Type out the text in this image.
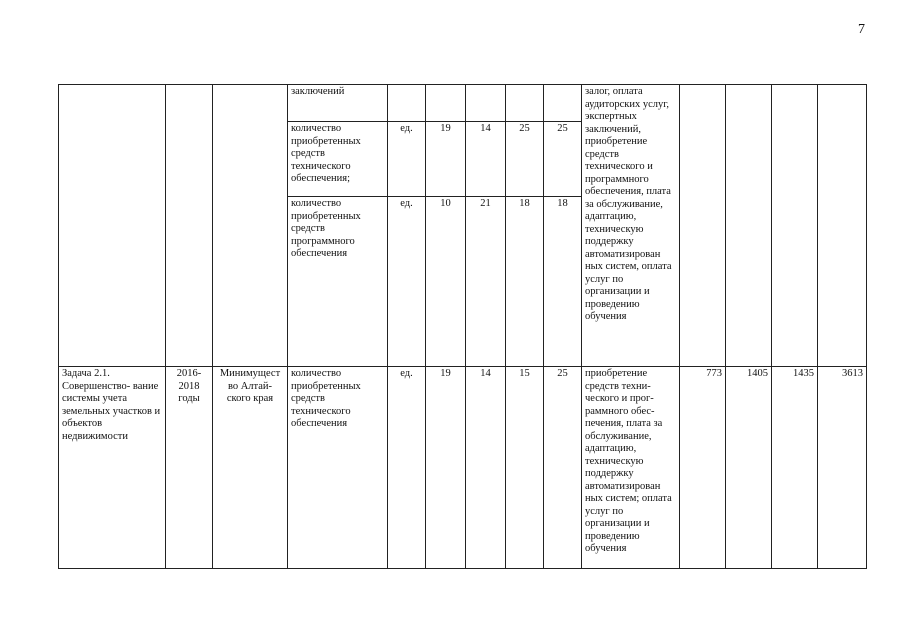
7
			заключений						залог, оплата аудиторских услуг, экспертных заключений, приобретение средств технического и программного обеспечения, плата за обслуживание, адаптацию, техническую поддержку автоматизирован ных систем, оплата услуг по организации и проведению обучения				
			количество приобретенных средств технического обеспечения;	ед.	19	14	25	25					
			количество приобретенных средств программного обеспечения	ед.	10	21	18	18					
Задача 2.1. Совершенство- вание системы учета земельных участков и объектов недвижимости	2016- 2018 годы	Минимущест во Алтай- ского края	количество приобретенных средств технического обеспечения	ед.	19	14	15	25	приобретение средств техни- ческого и прог- раммного обес- печения, плата за обслуживание, адаптацию, техническую поддержку автоматизирован ных систем; оплата услуг по организации и проведению обучения	773	1405	1435	3613
